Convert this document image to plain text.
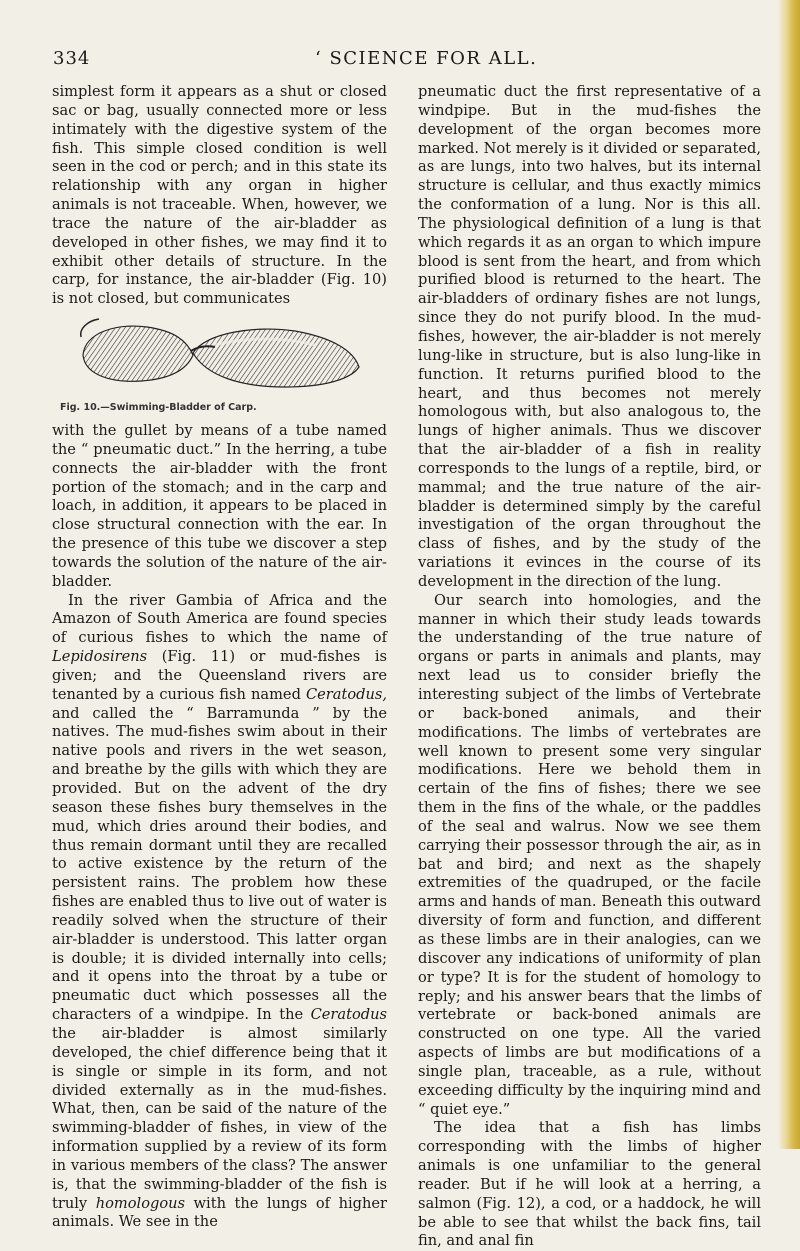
334	‘ SCIENCE FOR ALL.

simplest form it appears as a shut or closed sac or bag, usually connected more or less intimately with the digestive system of the fish. This simple closed condition is well seen in the cod or perch; and in this state its relationship with any organ in higher animals is not traceable. When, however, we trace the nature of the air-bladder as developed in other fishes, we may find it to exhibit other details of structure. In the carp, for instance, the air-bladder (Fig. 10) is not closed, but communicates

Fig. 10.—Swimming-Bladder of Carp.

with the gullet by means of a tube named the “ pneumatic duct.” In the herring, a tube connects the air-bladder with the front portion of the stomach; and in the carp and loach, in addition, it appears to be placed in close structural connection with the ear. In the presence of this tube we discover a step towards the solution of the nature of the air-bladder.

In the river Gambia of Africa and the Amazon of South America are found species of curious fishes to which the name of Lepidosirens (Fig. 11) or mud-fishes is given; and the Queensland rivers are tenanted by a curious fish named Ceratodus, and called the “ Barramunda ” by the natives. The mud-fishes swim about in their native pools and rivers in the wet season, and breathe by the gills with which they are provided. But on the advent of the dry season these fishes bury themselves in the mud, which dries around their bodies, and thus remain dormant until they are recalled to active existence by the return of the persistent rains. The problem how these fishes are enabled thus to live out of water is readily solved when the structure of their air-bladder is understood. This latter organ is double; it is divided internally into cells; and it opens into the throat by a tube or pneumatic duct which possesses all the characters of a windpipe. In the Ceratodus the air-bladder is almost similarly developed, the chief difference being that it is single or simple in its form, and not divided externally as in the mud-fishes. What, then, can be said of the nature of the swimming-bladder of fishes, in view of the information supplied by a review of its form in various members of the class? The answer is, that the swimming-bladder of the fish is truly homologous with the lungs of higher animals. We see in the

pneumatic duct the first representative of a windpipe. But in the mud-fishes the development of the organ becomes more marked. Not merely is it divided or separated, as are lungs, into two halves, but its internal structure is cellular, and thus exactly mimics the conformation of a lung. Nor is this all. The physiological definition of a lung is that which regards it as an organ to which impure blood is sent from the heart, and from which purified blood is returned to the heart. The air-bladders of ordinary fishes are not lungs, since they do not purify blood. In the mud-fishes, however, the air-bladder is not merely lung-like in structure, but is also lung-like in function. It returns purified blood to the heart, and thus becomes not merely homologous with, but also analogous to, the lungs of higher animals. Thus we discover that the air-bladder of a fish in reality corresponds to the lungs of a reptile, bird, or mammal; and the true nature of the air-bladder is determined simply by the careful investigation of the organ throughout the class of fishes, and by the study of the variations it evinces in the course of its development in the direction of the lung.

Our search into homologies, and the manner in which their study leads towards the understanding of the true nature of organs or parts in animals and plants, may next lead us to consider briefly the interesting subject of the limbs of Vertebrate or back-boned animals, and their modifications. The limbs of vertebrates are well known to present some very singular modifications. Here we behold them in certain of the fins of fishes; there we see them in the fins of the whale, or the paddles of the seal and walrus. Now we see them carrying their possessor through the air, as in bat and bird; and next as the shapely extremities of the quadruped, or the facile arms and hands of man. Beneath this outward diversity of form and function, and different as these limbs are in their analogies, can we discover any indications of uniformity of plan or type? It is for the student of homology to reply; and his answer bears that the limbs of vertebrate or back-boned animals are constructed on one type. All the varied aspects of limbs are but modifications of a single plan, traceable, as a rule, without exceeding difficulty by the inquiring mind and “ quiet eye.”

The idea that a fish has limbs corresponding with the limbs of higher animals is one unfamiliar to the general reader. But if he will look at a herring, a salmon (Fig. 12), a cod, or a haddock, he will be able to see that whilst the back fins, tail fin, and anal fin
